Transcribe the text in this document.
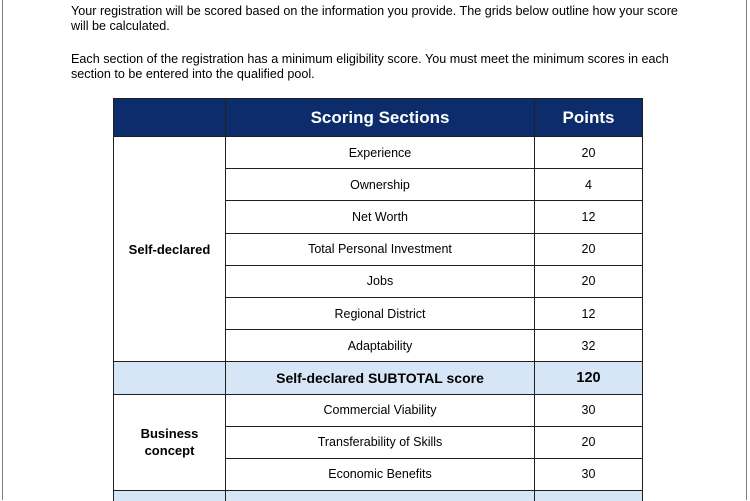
Your registration will be scored based on the information you provide. The grids below outline how your score will be calculated.

Each section of the registration has a minimum eligibility score. You must meet the minimum scores in each section to be entered into the qualified pool.

	Scoring Sections	Points
Self-declared	Experience	20
	Ownership	4
	Net Worth	12
	Total Personal Investment	20
	Jobs	20
	Regional District	12
	Adaptability	32
	Self-declared SUBTOTAL score	120
Business concept	Commercial Viability	30
	Transferability of Skills	20
	Economic Benefits	30
